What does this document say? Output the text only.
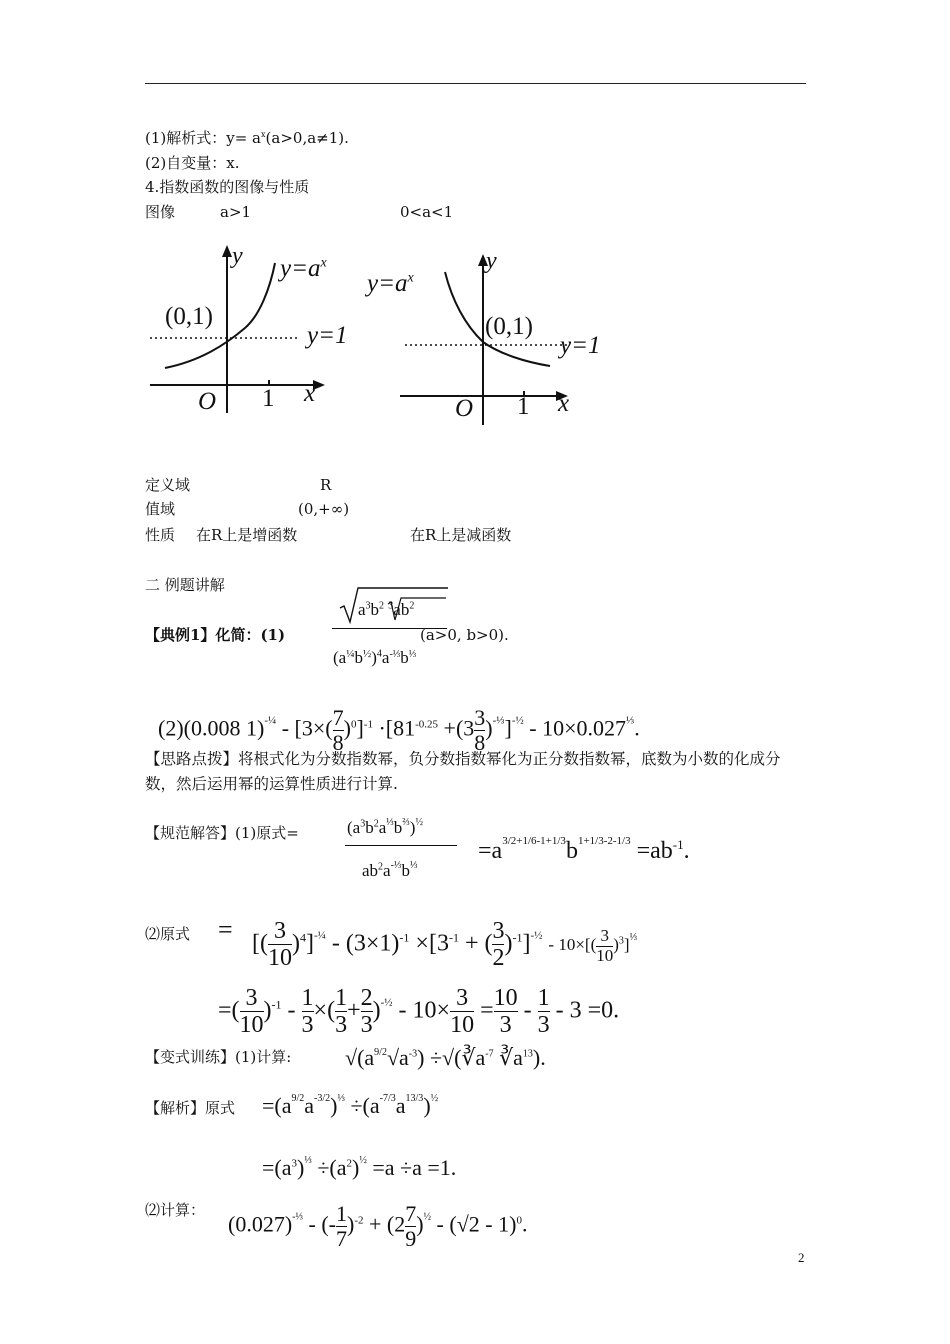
(1)解析式：$y= a^x(a>0,a\ne 1)$.
(2)自变量：x.
4.指数函数的图像与性质
图像	a>1	0<a<1
y $y=a^x$
(0,1)
y=1
O 1 x
y
$y=a^x$
(0,1)
y=1
O 1 x
定义域	R
值域	(0,+∞)
性质 在R上是增函数	在R上是减函数
二 例题讲解
【典例1】化简：(1)
$a^3b^2$ $^3ab^2$
$(a^{\frac{1}{4}}b^{\frac{1}{2}})^4a^{-\frac{1}{3}}b^{\frac{1}{3}}$
(a>0, b>0).
(2)(0.008 $1)^{-\frac{1}{4}} - [3\times( \frac{7}{8} )^0]^{-1} \cdot[81^{-0.25} +(3 \frac{3}{8} )^{-\frac{1}{3}}]^{-\frac{1}{2}} - 10\times 0.027^{\frac{1}{3}}$.
【思路点拨】将根式化为分数指数幂，负分数指数幂化为正分数指数幂，底数为小数的化成分
数，然后运用幂的运算性质进行计算.
【规范解答】(1)原式=	$(a^3b^2a^{\frac{1}{3}}b^{\frac{2}{3}})^{\frac{1}{2}}$
$ab^2a^{-\frac{1}{3}}b^{\frac{1}{3}}$
$=a^{3/2+1/6-1+1/3}b^{1+1/3-2-1/3} =ab^{-1}$.
⑵原式 = [( $\frac{3}{10} )^4]^{-\frac{1}{4}} - (3\times 1)^{-1} \times[3^{-1}$ + ( $\frac{3}{2} )^{-1}]^{-\frac{1}{2}} - 10\times[( \frac{3}{10} )^3]^{\frac{1}{3}}$
=( $\frac{3}{10} )^{-1} - \frac{1}{3}$ ×( $\frac{1}{3} + \frac{2}{3} )^{-\frac{1}{2}} - 10\times \frac{3}{10} = \frac{10}{3} - \frac{1}{3} - 3 =0$.
【变式训练】(1)计算: $√(a^{9/2}√a^{-3})$ $\div√(∛a^{-7}$ $∛a^{13}$).
【解析】原式 $=(a^{9/2}a^{-3/2})^{\frac{1}{3}} \div(a^{-7/3}a^{13/3})^{\frac{1}{2}}$
$=(a^3)^{\frac{1}{3}} \div(a^2)^{\frac{1}{2}} =a \div a =1$.
⑵计算：
$(0.027)^{-\frac{1}{3}}$ - (- $\frac{1}{7} )^{-2} + (2 \frac{7}{9} )^{\frac{1}{2}} - (√2 - 1)^0$.
2
